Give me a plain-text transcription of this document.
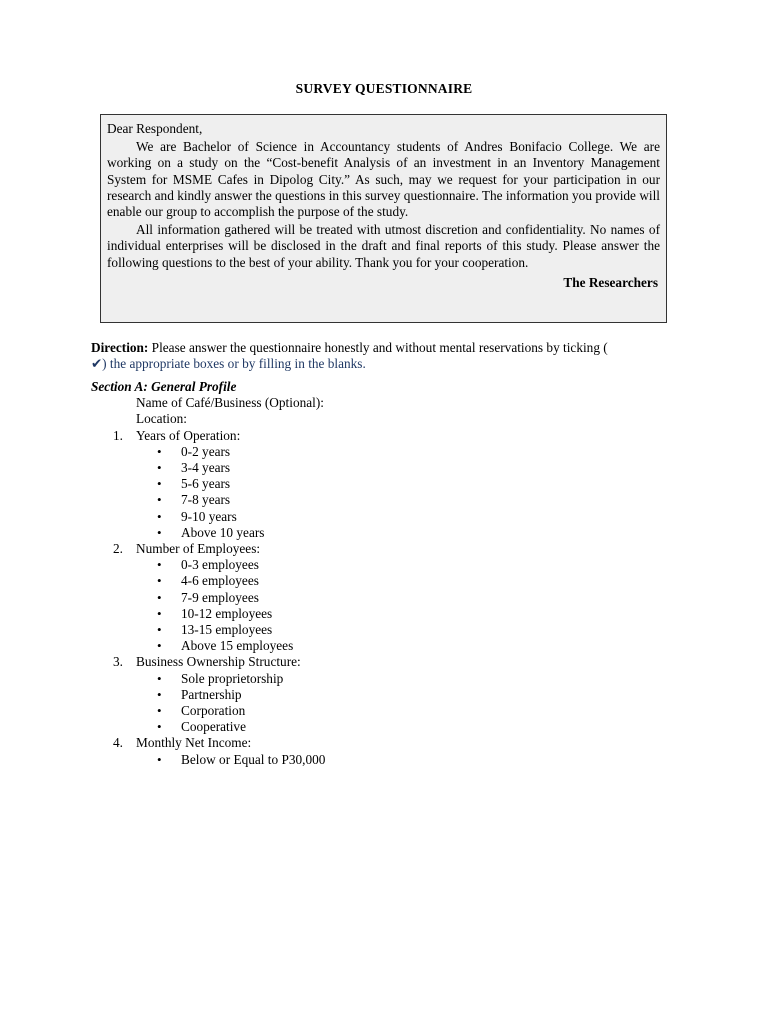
SURVEY QUESTIONNAIRE

Dear Respondent,

We are Bachelor of Science in Accountancy students of Andres Bonifacio College. We are working on a study on the “Cost-benefit Analysis of an investment in an Inventory Management System for MSME Cafes in Dipolog City.” As such, may we request for your participation in our research and kindly answer the questions in this survey questionnaire. The information you provide will enable our group to accomplish the purpose of the study.

All information gathered will be treated with utmost discretion and confidentiality. No names of individual enterprises will be disclosed in the draft and final reports of this study. Please answer the following questions to the best of your ability. Thank you for your cooperation.

The Researchers

Direction: Please answer the questionnaire honestly and without mental reservations by ticking (
✔) the appropriate boxes or by filling in the blanks.
Section A: General Profile
Name of Café/Business (Optional):
Location:
1. Years of Operation:
• 0-2 years
• 3-4 years
• 5-6 years
• 7-8 years
• 9-10 years
• Above 10 years
2. Number of Employees:
• 0-3 employees
• 4-6 employees
• 7-9 employees
• 10-12 employees
• 13-15 employees
• Above 15 employees
3. Business Ownership Structure:
• Sole proprietorship
• Partnership
• Corporation
• Cooperative
4. Monthly Net Income:
• Below or Equal to P30,000
